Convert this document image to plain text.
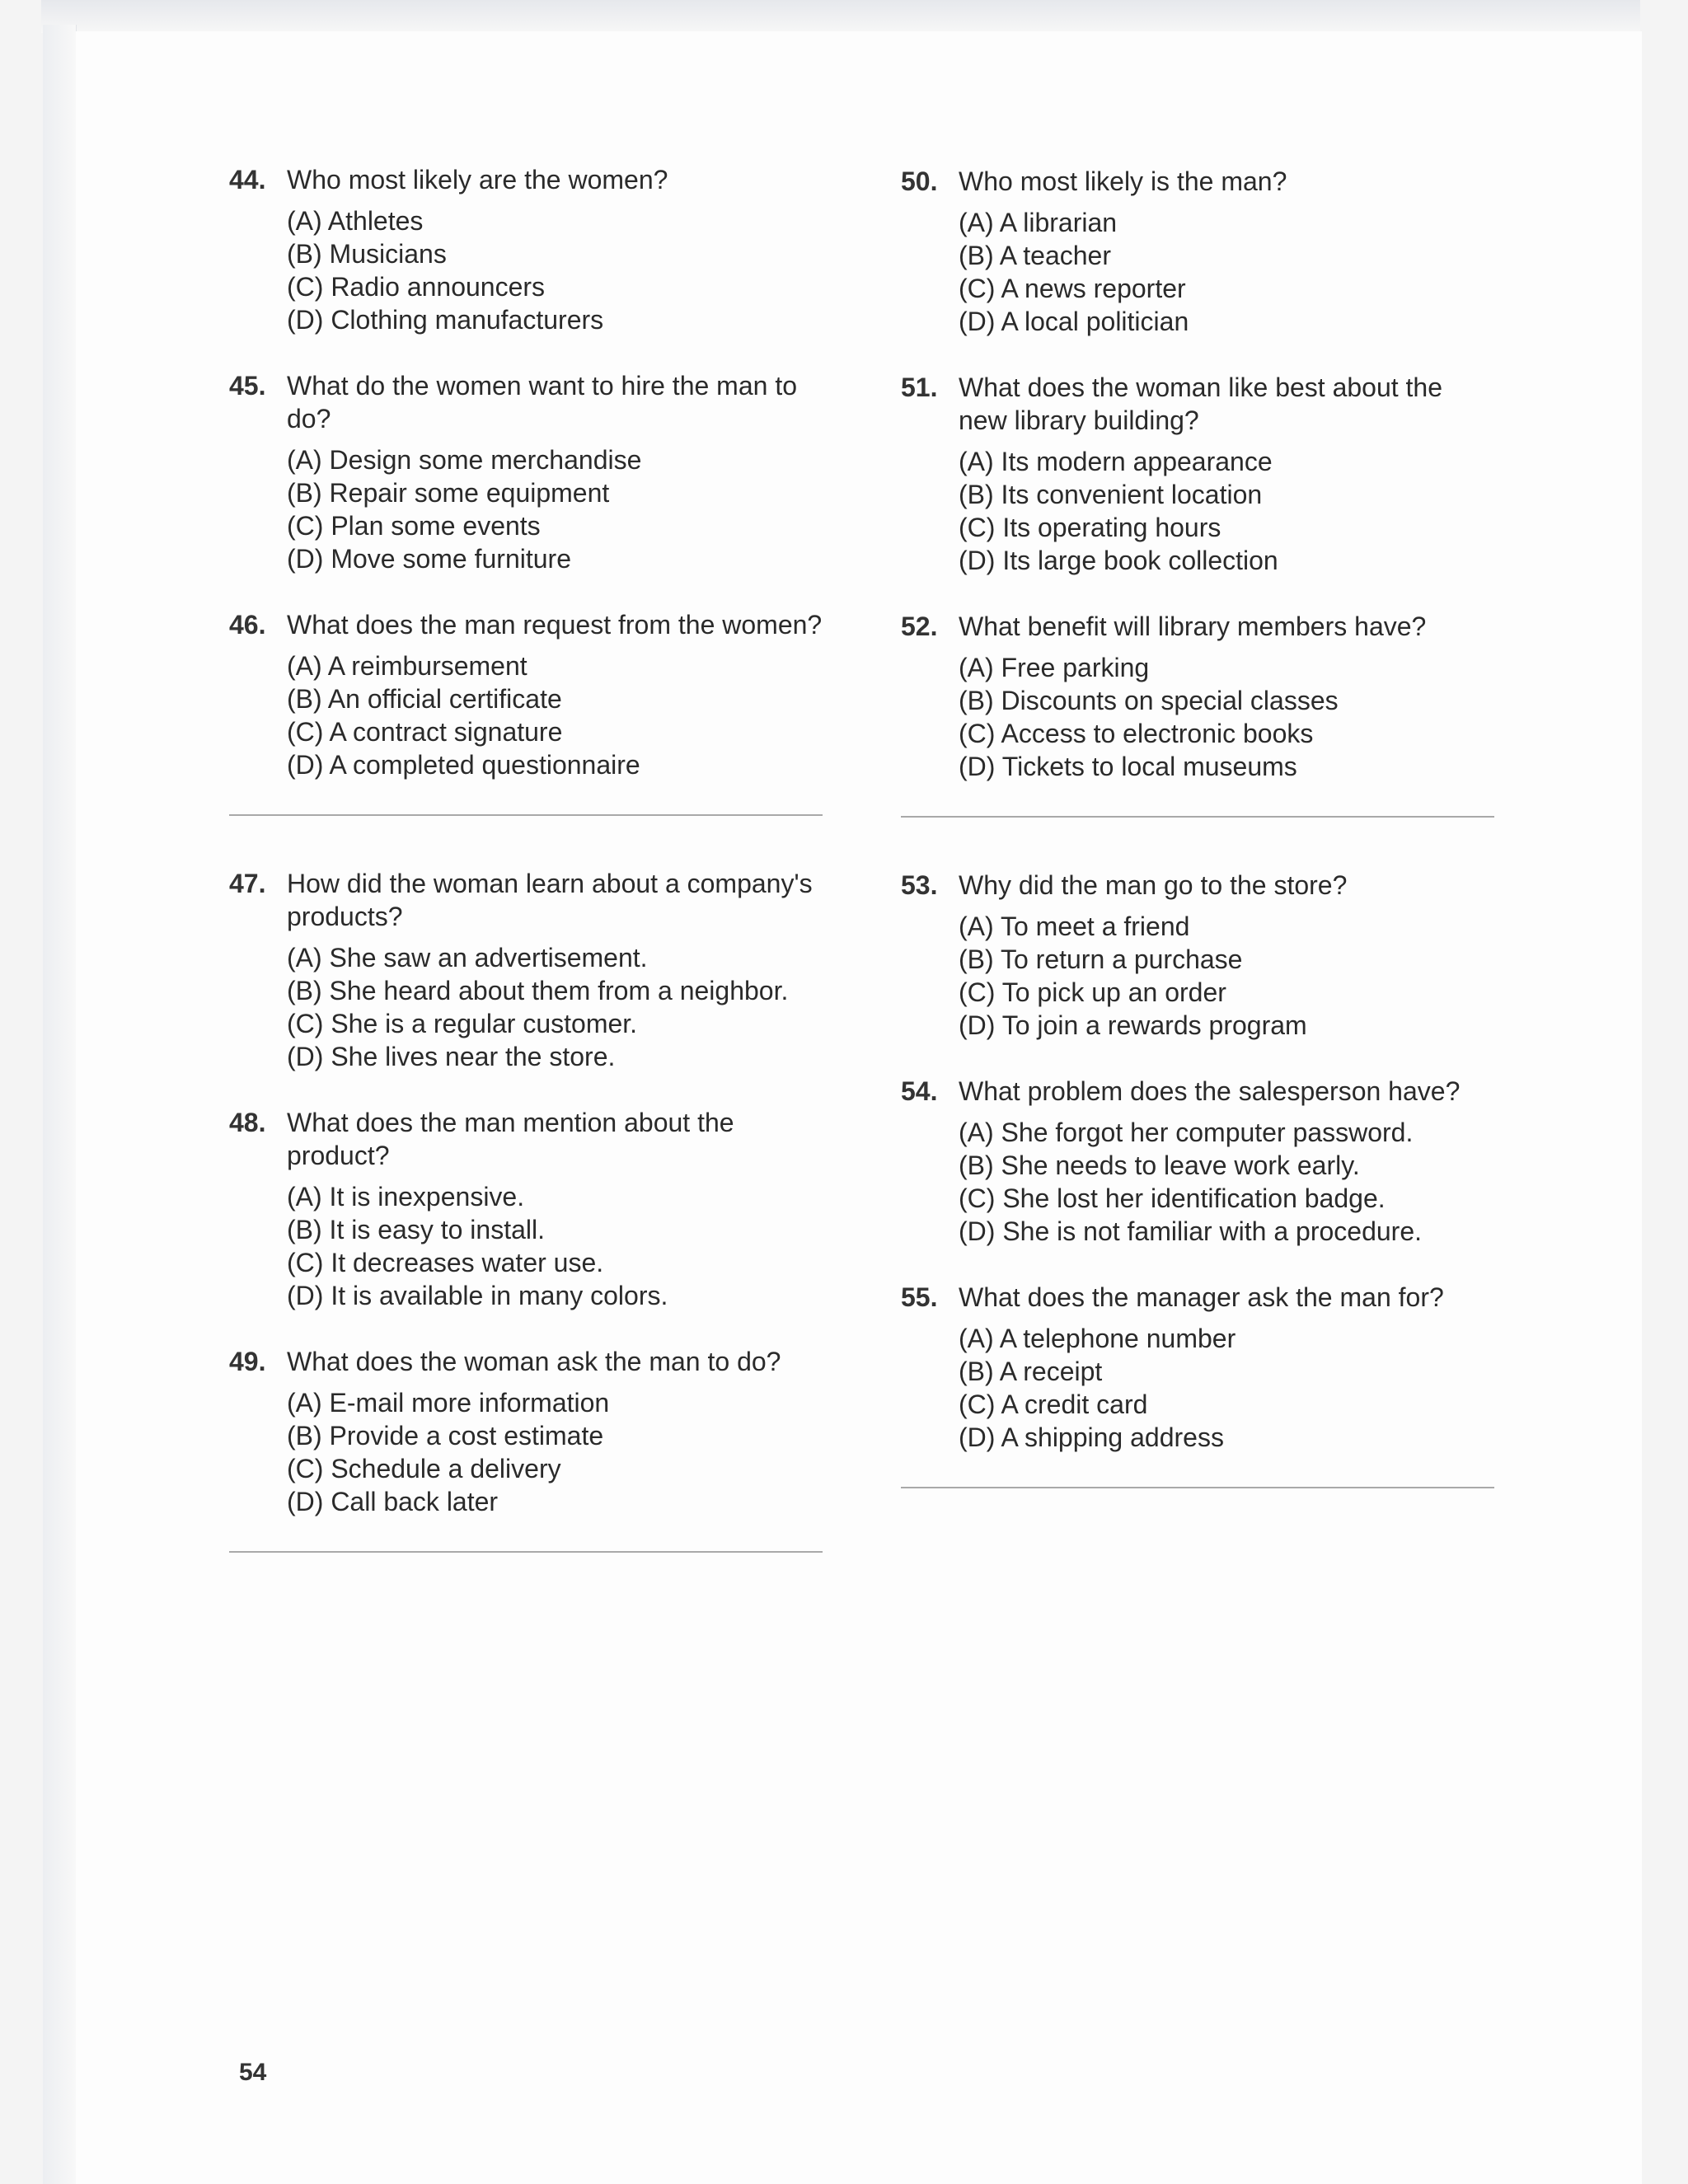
44. Who most likely are the women?
(A) Athletes
(B) Musicians
(C) Radio announcers
(D) Clothing manufacturers
45. What do the women want to hire the man to do?
(A) Design some merchandise
(B) Repair some equipment
(C) Plan some events
(D) Move some furniture
46. What does the man request from the women?
(A) A reimbursement
(B) An official certificate
(C) A contract signature
(D) A completed questionnaire
47. How did the woman learn about a company's products?
(A) She saw an advertisement.
(B) She heard about them from a neighbor.
(C) She is a regular customer.
(D) She lives near the store.
48. What does the man mention about the product?
(A) It is inexpensive.
(B) It is easy to install.
(C) It decreases water use.
(D) It is available in many colors.
49. What does the woman ask the man to do?
(A) E-mail more information
(B) Provide a cost estimate
(C) Schedule a delivery
(D) Call back later
50. Who most likely is the man?
(A) A librarian
(B) A teacher
(C) A news reporter
(D) A local politician
51. What does the woman like best about the new library building?
(A) Its modern appearance
(B) Its convenient location
(C) Its operating hours
(D) Its large book collection
52. What benefit will library members have?
(A) Free parking
(B) Discounts on special classes
(C) Access to electronic books
(D) Tickets to local museums
53. Why did the man go to the store?
(A) To meet a friend
(B) To return a purchase
(C) To pick up an order
(D) To join a rewards program
54. What problem does the salesperson have?
(A) She forgot her computer password.
(B) She needs to leave work early.
(C) She lost her identification badge.
(D) She is not familiar with a procedure.
55. What does the manager ask the man for?
(A) A telephone number
(B) A receipt
(C) A credit card
(D) A shipping address
54
